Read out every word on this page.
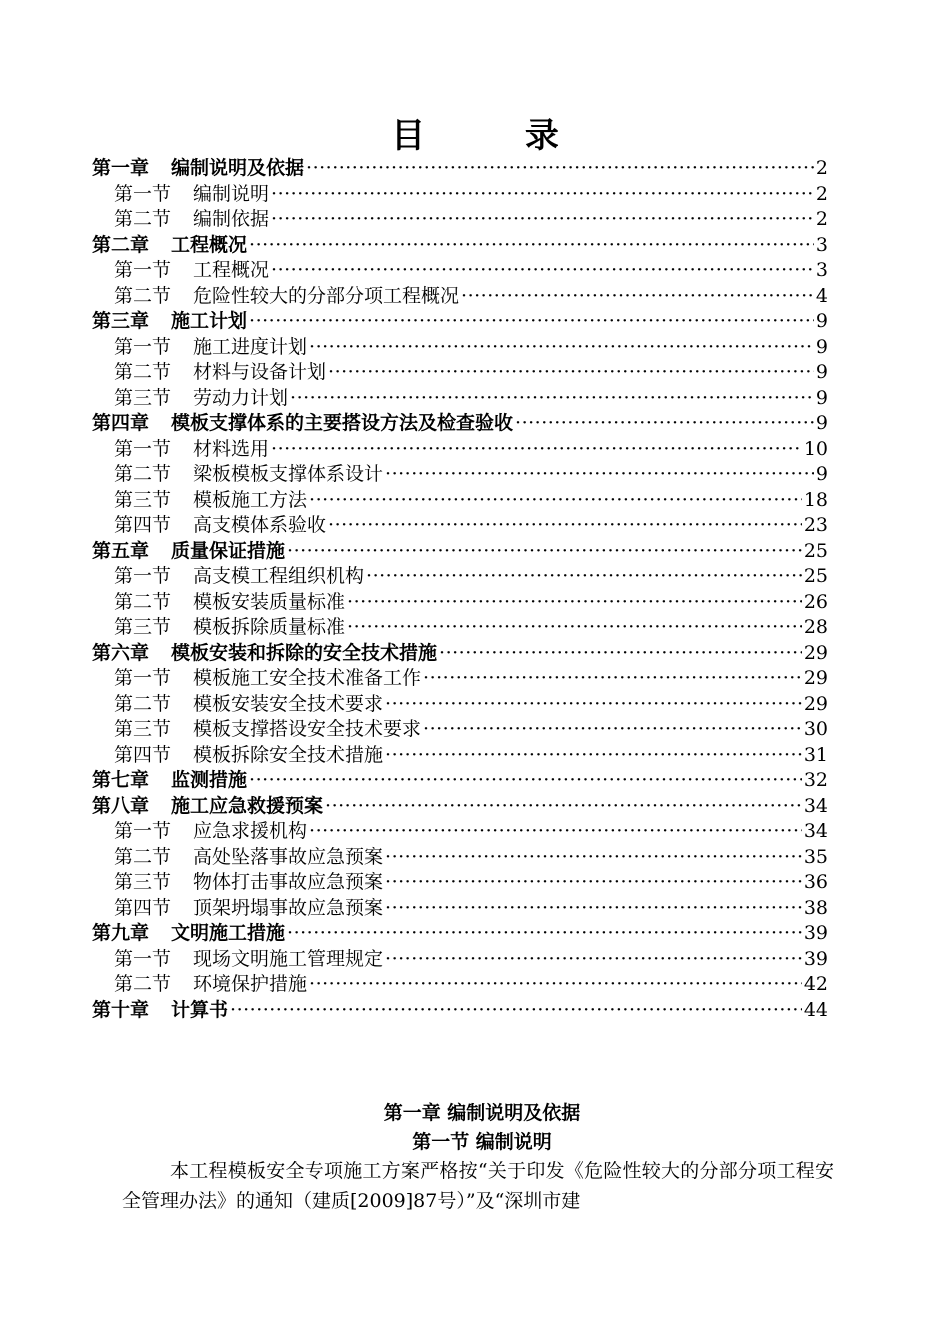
目 录
第一章 编制说明及依据 ·····	2
第一节 编制说明 ·····	2
第二节 编制依据 ·····	2
第二章 工程概况 ·····	3
第一节 工程概况 ·····	3
第二节 危险性较大的分部分项工程概况 ·····	4
第三章 施工计划 ·····	9
第一节 施工进度计划 ·····	9
第二节 材料与设备计划 ·····	9
第三节 劳动力计划 ·····	9
第四章 模板支撑体系的主要搭设方法及检查验收 ·····	9
第一节 材料选用 ·····	10
第二节 梁板模板支撑体系设计 ·····	9
第三节 模板施工方法 ·····	18
第四节 高支模体系验收 ·····	23
第五章 质量保证措施 ·····	25
第一节 高支模工程组织机构 ·····	25
第二节 模板安装质量标准 ·····	26
第三节 模板拆除质量标准 ·····	28
第六章 模板安装和拆除的安全技术措施 ·····	29
第一节 模板施工安全技术准备工作 ·····	29
第二节 模板安装安全技术要求 ·····	29
第三节 模板支撑搭设安全技术要求 ·····	30
第四节 模板拆除安全技术措施 ·····	31
第七章 监测措施 ·····	32
第八章 施工应急救援预案 ·····	34
第一节 应急求援机构 ·····	34
第二节 高处坠落事故应急预案 ·····	35
第三节 物体打击事故应急预案 ·····	36
第四节 顶架坍塌事故应急预案 ·····	38
第九章 文明施工措施 ·····	39
第一节 现场文明施工管理规定 ·····	39
第二节 环境保护措施 ·····	42
第十章 计算书 ·····	44
第一章 编制说明及依据
第一节 编制说明
本工程模板安全专项施工方案严格按“关于印发《危险性较大的分部分项工程安全管理办法》的通知（建质[2009]87号）”及“深圳市建
